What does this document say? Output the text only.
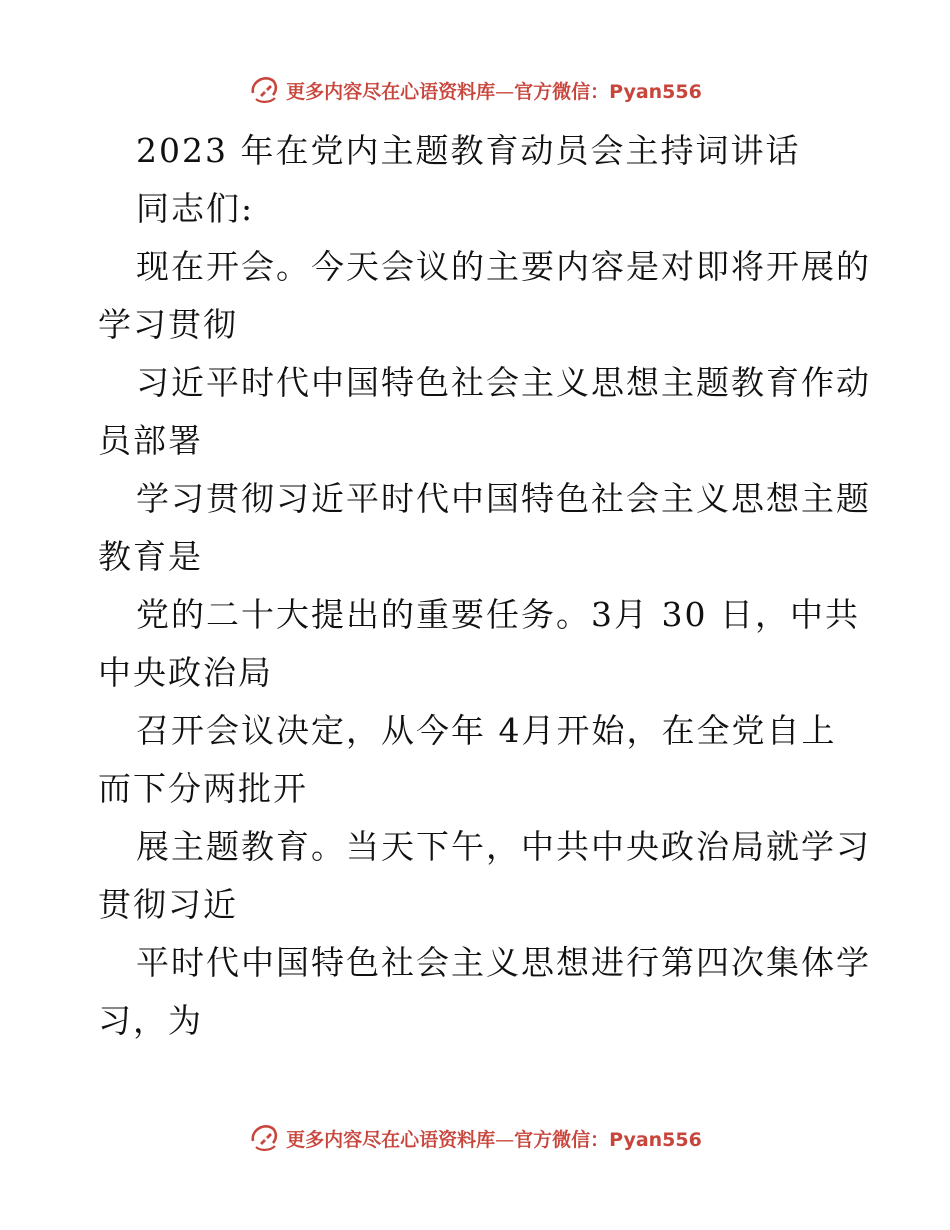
更多内容尽在心语资料库—官方微信：Pyan556
2023 年在党内主题教育动员会主持词讲话
同志们:
现在开会。今天会议的主要内容是对即将开展的
学习贯彻
习近平时代中国特色社会主义思想主题教育作动
员部署
学习贯彻习近平时代中国特色社会主义思想主题
教育是
党的二十大提出的重要任务。3月 30 日，中共
中央政治局
召开会议决定，从今年 4月开始，在全党自上
而下分两批开
展主题教育。当天下午，中共中央政治局就学习
贯彻习近
平时代中国特色社会主义思想进行第四次集体学
习，为
更多内容尽在心语资料库—官方微信：Pyan556
